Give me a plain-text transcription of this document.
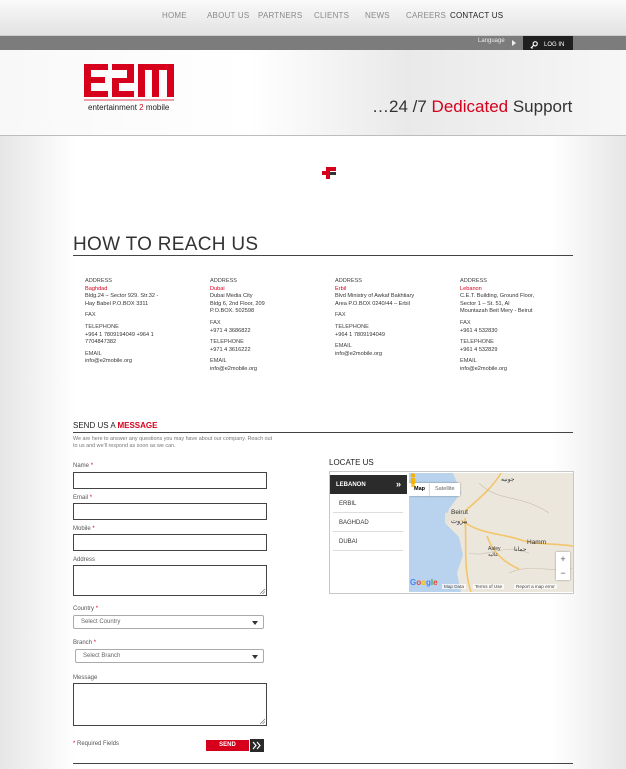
HOME	ABOUT US PARTNERS CLIENTS NEWS CAREERS CONTACT US
Language
LOG IN
entertainment 2 mobile	…24 /7 Dedicated Support
HOW TO REACH US
ADDRESS
Baghdad
Bldg.24 – Sector 929. Str.32 -
Hay Babel P.O.BOX 3311
FAX
TELEPHONE
+964 1 7809194049 +964 1
7704847382
EMAIL
info@e2mobile.org
ADDRESS
Dubai
Dubai Media City
Bldg 6, 2nd Floor, 209
P.O.BOX. 502598
FAX
+971 4 3686822
TELEPHONE
+971 4 3616222
EMAIL
info@e2mobile.org
ADDRESS
Erbil
Blvd Ministry of Awkaf Bakhtiary
Area P.O.BOX 0240/44 – Erbil
FAX
TELEPHONE
+964 1 7809194049
EMAIL
info@e2mobile.org
ADDRESS
Lebanon
C.E.T. Building, Ground Floor,
Sector 1 – St. 51, Al
Mountazah Beit Mery - Beirut
FAX
+961 4 532830
TELEPHONE
+961 4 532829
EMAIL
info@e2mobile.org
SEND US A MESSAGE
We are here to answer any questions you may have about our company. Reach out to us and we'll respond as soon as we can.
Name *
Email *
Mobile *
Address
Country *
Select Country
Branch *
Select Branch
Message
* Required Fields	SEND
LOCATE US
LEBANON	»
ERBIL
BAGHDAD
DUBAI
Map	Satellite
Beirut
بيروت
Aaley
عاليه
Hamm
حمانا
جونيه
+
−
Google	Map Data	Terms of Use	Report a map error
